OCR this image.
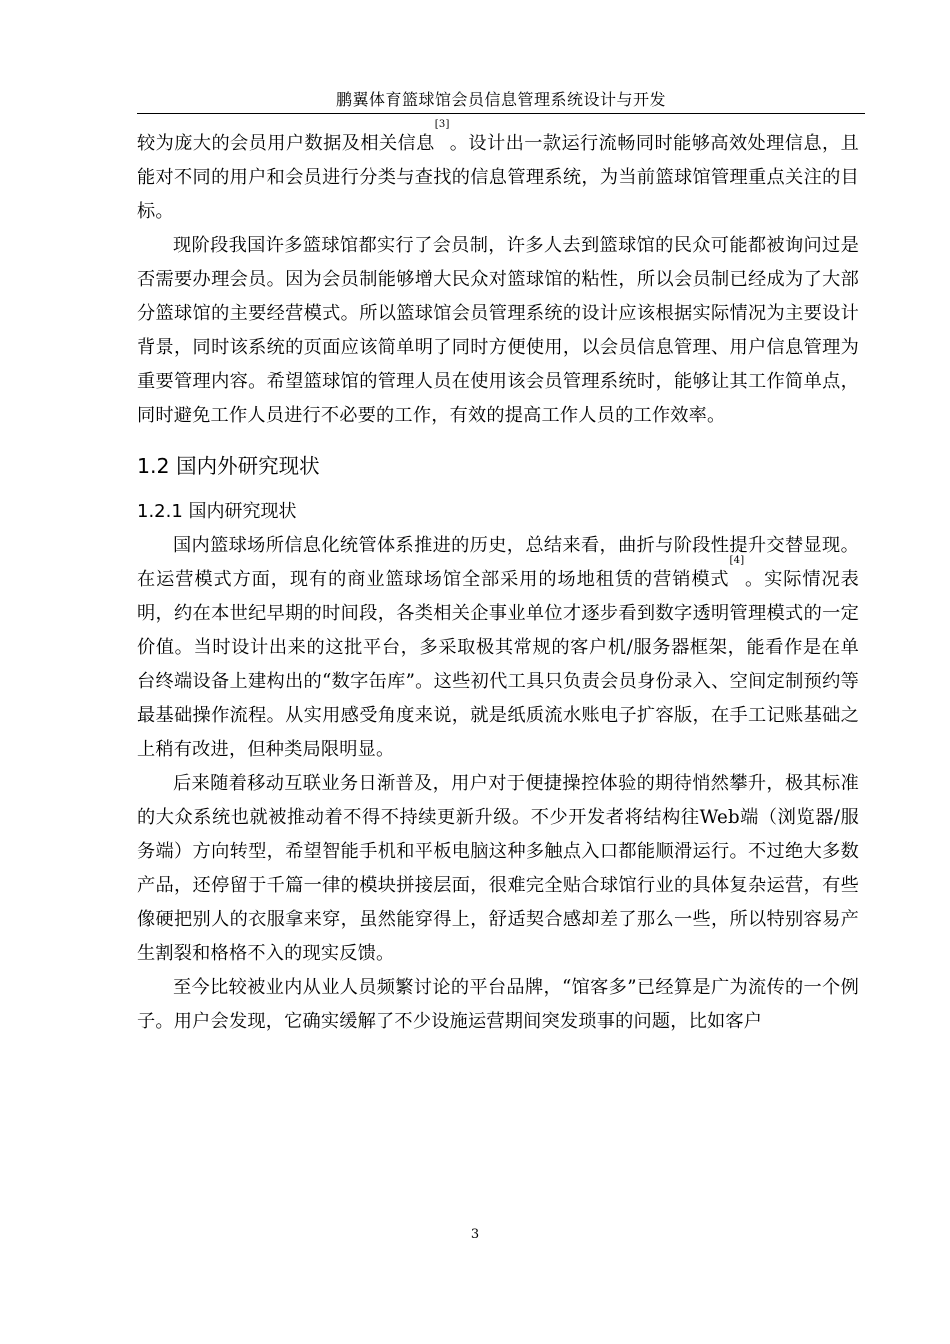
鹏翼体育篮球馆会员信息管理系统设计与开发

较为庞大的会员用户数据及相关信息[3]。设计出一款运行流畅同时能够高效处理信息，且能对不同的用户和会员进行分类与查找的信息管理系统，为当前篮球馆管理重点关注的目标。

现阶段我国许多篮球馆都实行了会员制，许多人去到篮球馆的民众可能都被询问过是否需要办理会员。因为会员制能够增大民众对篮球馆的粘性，所以会员制已经成为了大部分篮球馆的主要经营模式。所以篮球馆会员管理系统的设计应该根据实际情况为主要设计背景，同时该系统的页面应该简单明了同时方便使用，以会员信息管理、用户信息管理为重要管理内容。希望篮球馆的管理人员在使用该会员管理系统时，能够让其工作简单点，同时避免工作人员进行不必要的工作，有效的提高工作人员的工作效率。

1.2 国内外研究现状
1.2.1 国内研究现状

国内篮球场所信息化统管体系推进的历史，总结来看，曲折与阶段性提升交替显现。在运营模式方面，现有的商业篮球场馆全部采用的场地租赁的营销模式[4]。实际情况表明，约在本世纪早期的时间段，各类相关企事业单位才逐步看到数字透明管理模式的一定价值。当时设计出来的这批平台，多采取极其常规的客户机/服务器框架，能看作是在单台终端设备上建构出的“数字缶库”。这些初代工具只负责会员身份录入、空间定制预约等最基础操作流程。从实用感受角度来说，就是纸质流水账电子扩容版，在手工记账基础之上稍有改进，但种类局限明显。

后来随着移动互联业务日渐普及，用户对于便捷操控体验的期待悄然攀升，极其标准的大众系统也就被推动着不得不持续更新升级。不少开发者将结构往Web端（浏览器/服务端）方向转型，希望智能手机和平板电脑这种多触点入口都能顺滑运行。不过绝大多数产品，还停留于千篇一律的模块拼接层面，很难完全贴合球馆行业的具体复杂运营，有些像硬把别人的衣服拿来穿，虽然能穿得上，舒适契合感却差了那么一些，所以特别容易产生割裂和格格不入的现实反馈。

至今比较被业内从业人员频繁讨论的平台品牌，“馆客多”已经算是广为流传的一个例子。用户会发现，它确实缓解了不少设施运营期间突发琐事的问题，比如客户

3
